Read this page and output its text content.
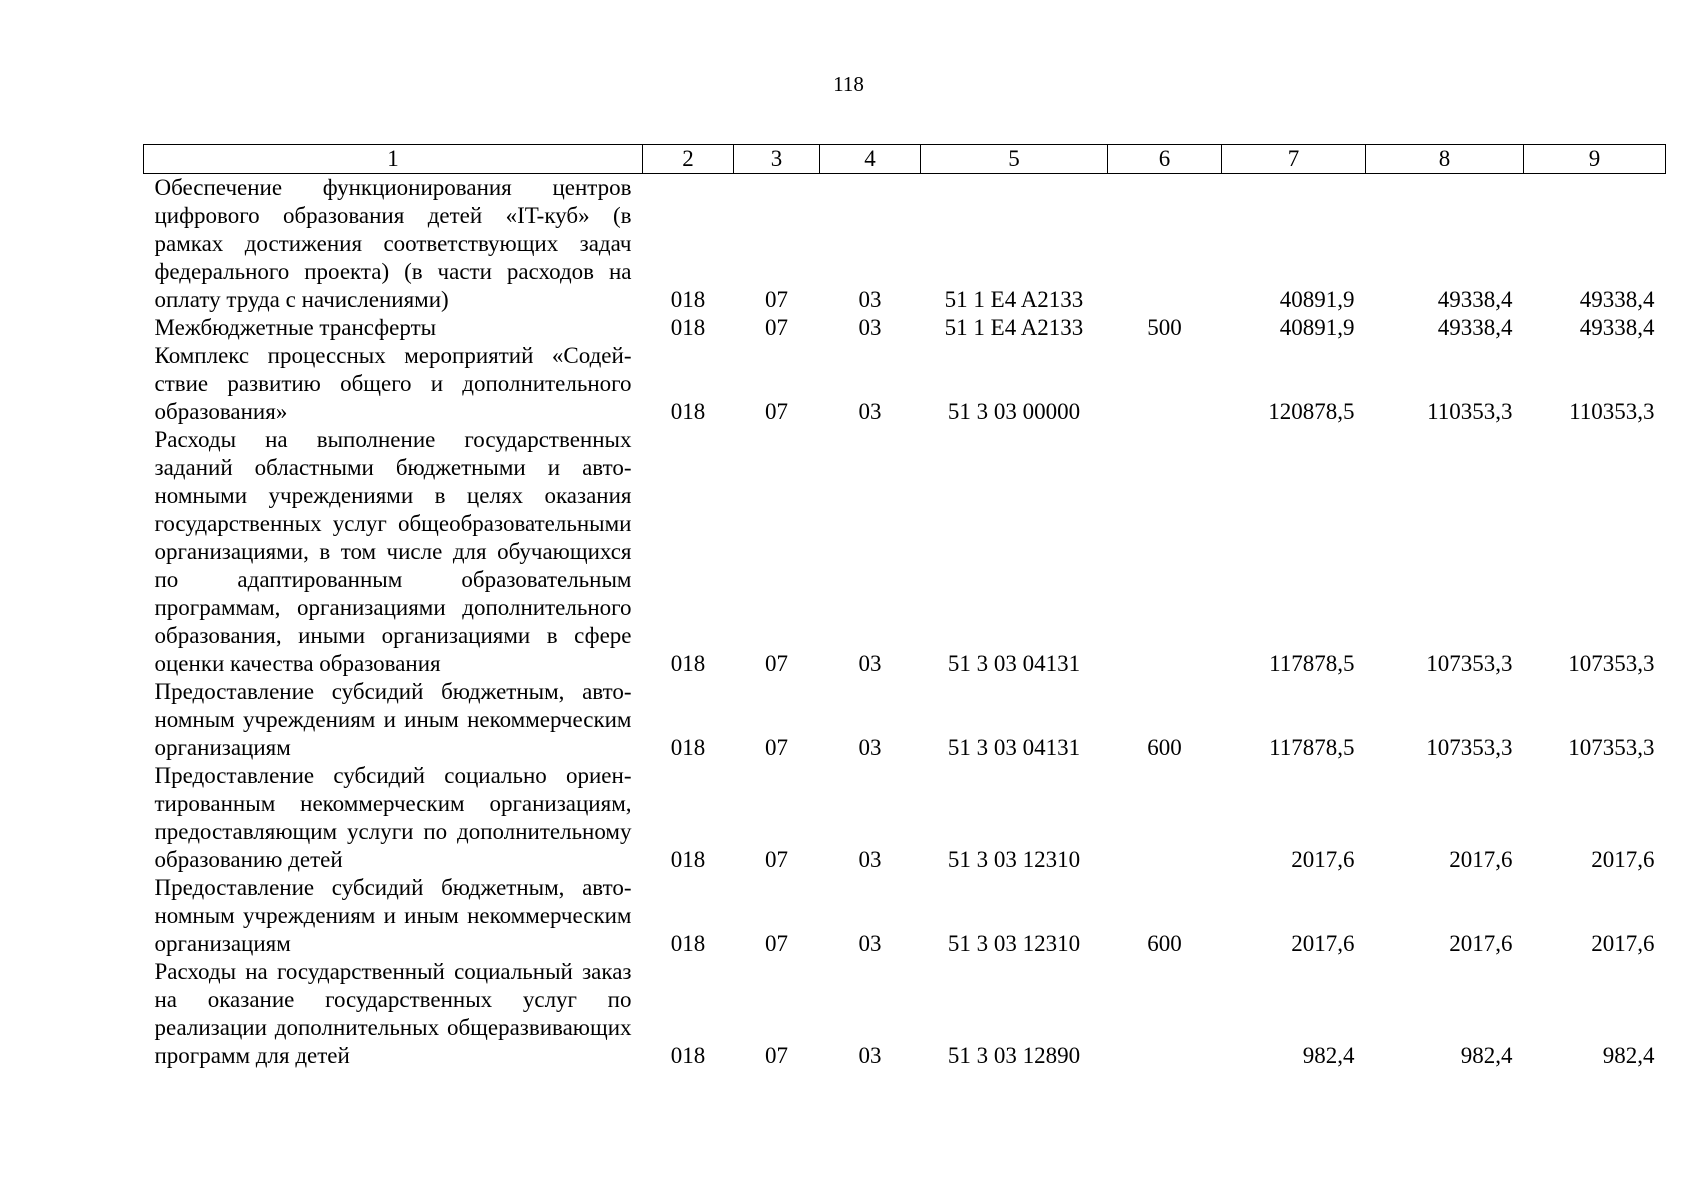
118
1	2	3	4	5	6	7	8	9
Обеспечение функционирования центров цифрового образования детей «IT-куб» (в рамках достижения соответствующих задач федерального проекта) (в части расходов на оплату труда с начислениями)	018	07	03	51 1 E4 A2133		40891,9	49338,4	49338,4
Межбюджетные трансферты	018	07	03	51 1 E4 A2133	500	40891,9	49338,4	49338,4
Комплекс процессных мероприятий «Содействие развитию общего и дополнительного образования»	018	07	03	51 3 03 00000		120878,5	110353,3	110353,3
Расходы на выполнение государственных заданий областными бюджетными и автономными учреждениями в целях оказания государственных услуг общеобразовательными организациями, в том числе для обучающихся по адаптированным образовательным программам, организациями дополнительного образования, иными организациями в сфере оценки качества образования	018	07	03	51 3 03 04131		117878,5	107353,3	107353,3
Предоставление субсидий бюджетным, автономным учреждениям и иным некоммерческим организациям	018	07	03	51 3 03 04131	600	117878,5	107353,3	107353,3
Предоставление субсидий социально ориентированным некоммерческим организациям, предоставляющим услуги по дополнительному образованию детей	018	07	03	51 3 03 12310		2017,6	2017,6	2017,6
Предоставление субсидий бюджетным, автономным учреждениям и иным некоммерческим организациям	018	07	03	51 3 03 12310	600	2017,6	2017,6	2017,6
Расходы на государственный социальный заказ на оказание государственных услуг по реализации дополнительных общеразвивающих программ для детей	018	07	03	51 3 03 12890		982,4	982,4	982,4
